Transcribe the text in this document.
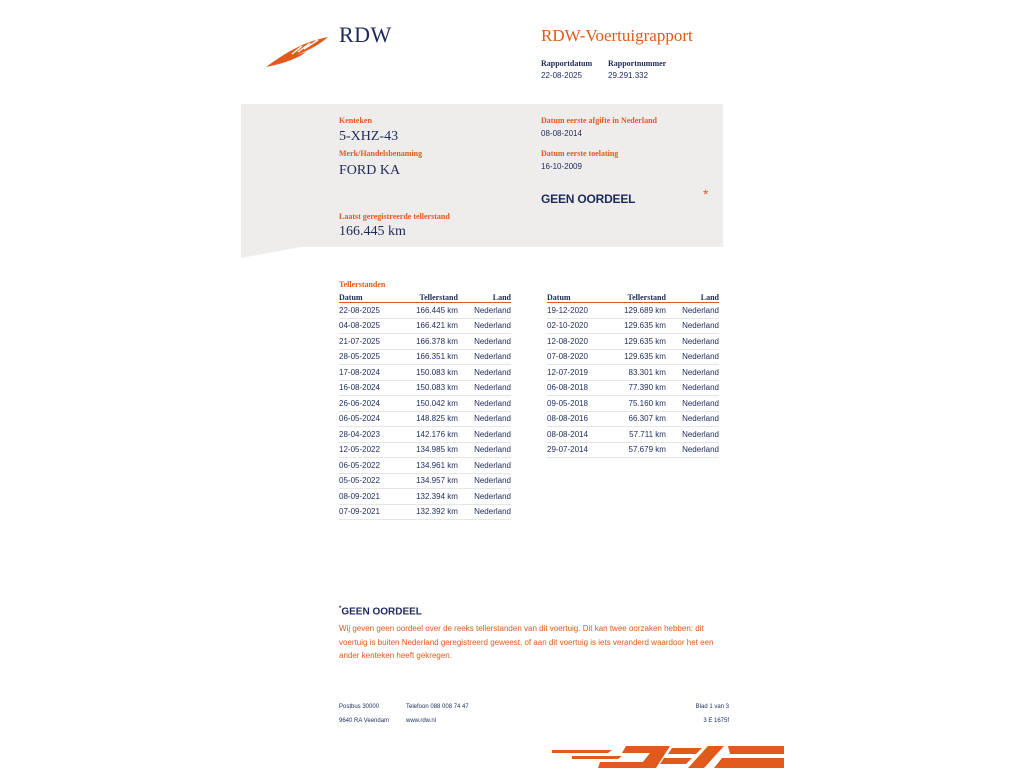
RDW	RDW-Voertuigrapport
Rapportdatum
22-08-2025
Rapportnummer
29.291.332
Kenteken
5-XHZ-43
Merk/Handelsbenaming
FORD KA
Laatst geregistreerde tellerstand
166.445 km
Datum eerste afgifte in Nederland
08-08-2014
Datum eerste toelating
16-10-2009
GEEN OORDEEL	*
Tellerstanden
Datum	Tellerstand	Land
22-08-2025	166.445 km	Nederland
04-08-2025	166.421 km	Nederland
21-07-2025	166.378 km	Nederland
28-05-2025	166.351 km	Nederland
17-08-2024	150.083 km	Nederland
16-08-2024	150.083 km	Nederland
26-06-2024	150.042 km	Nederland
06-05-2024	148.825 km	Nederland
28-04-2023	142.176 km	Nederland
12-05-2022	134.985 km	Nederland
06-05-2022	134.961 km	Nederland
05-05-2022	134.957 km	Nederland
08-09-2021	132.394 km	Nederland
07-09-2021	132.392 km	Nederland
Datum	Tellerstand	Land
19-12-2020	129.689 km	Nederland
02-10-2020	129.635 km	Nederland
12-08-2020	129.635 km	Nederland
07-08-2020	129.635 km	Nederland
12-07-2019	83.301 km	Nederland
06-08-2018	77.390 km	Nederland
09-05-2018	75.160 km	Nederland
08-08-2016	66.307 km	Nederland
08-08-2014	57.711 km	Nederland
29-07-2014	57.679 km	Nederland
*GEEN OORDEEL
Wij geven geen oordeel over de reeks tellerstanden van dit voertuig. Dit kan twee oorzaken hebben: dit voertuig is buiten Nederland geregistreerd geweest, of aan dit voertuig is iets veranderd waardoor het een ander kenteken heeft gekregen.
Postbus 30000
9640 RA Veendam
Telefoon 088 008 74 47
www.rdw.nl
Blad 1 van 3
3 E 1675f
